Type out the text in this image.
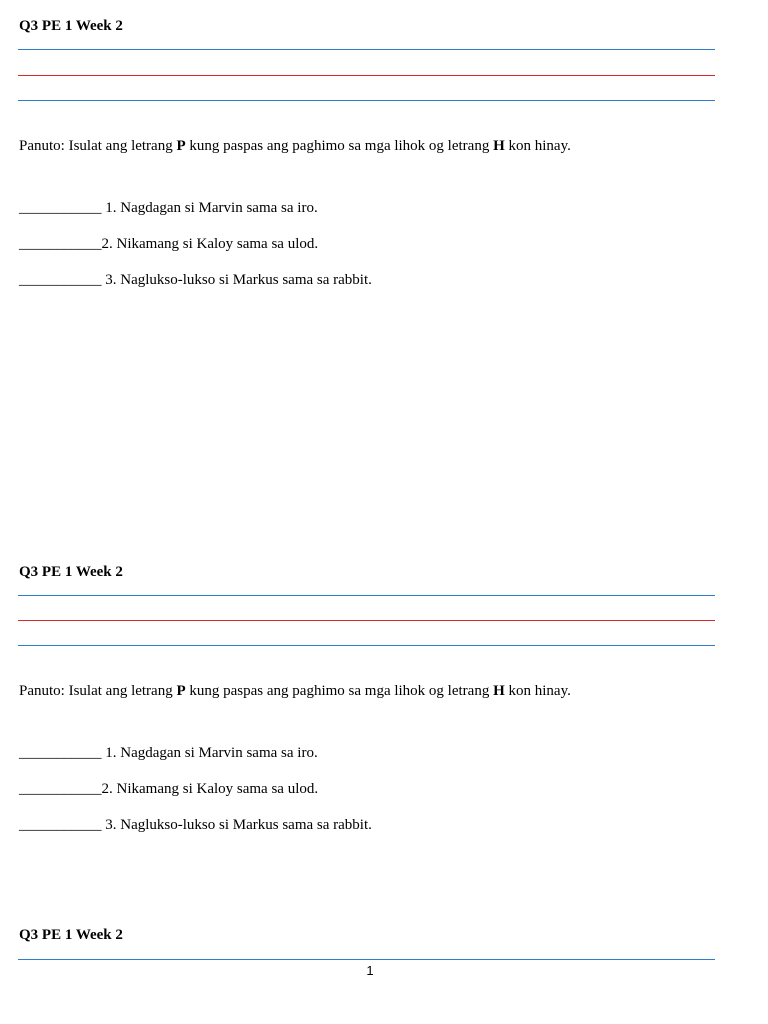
Q3 PE 1 Week 2
Panuto: Isulat ang letrang P kung paspas ang paghimo sa mga lihok og letrang H kon hinay.
___________ 1. Nagdagan si Marvin sama sa iro.
___________2. Nikamang si Kaloy sama sa ulod.
___________ 3. Naglukso-lukso si Markus sama sa rabbit.
Q3 PE 1 Week 2
Panuto: Isulat ang letrang P kung paspas ang paghimo sa mga lihok og letrang H kon hinay.
___________ 1. Nagdagan si Marvin sama sa iro.
___________2. Nikamang si Kaloy sama sa ulod.
___________ 3. Naglukso-lukso si Markus sama sa rabbit.
Q3 PE 1 Week 2
1
